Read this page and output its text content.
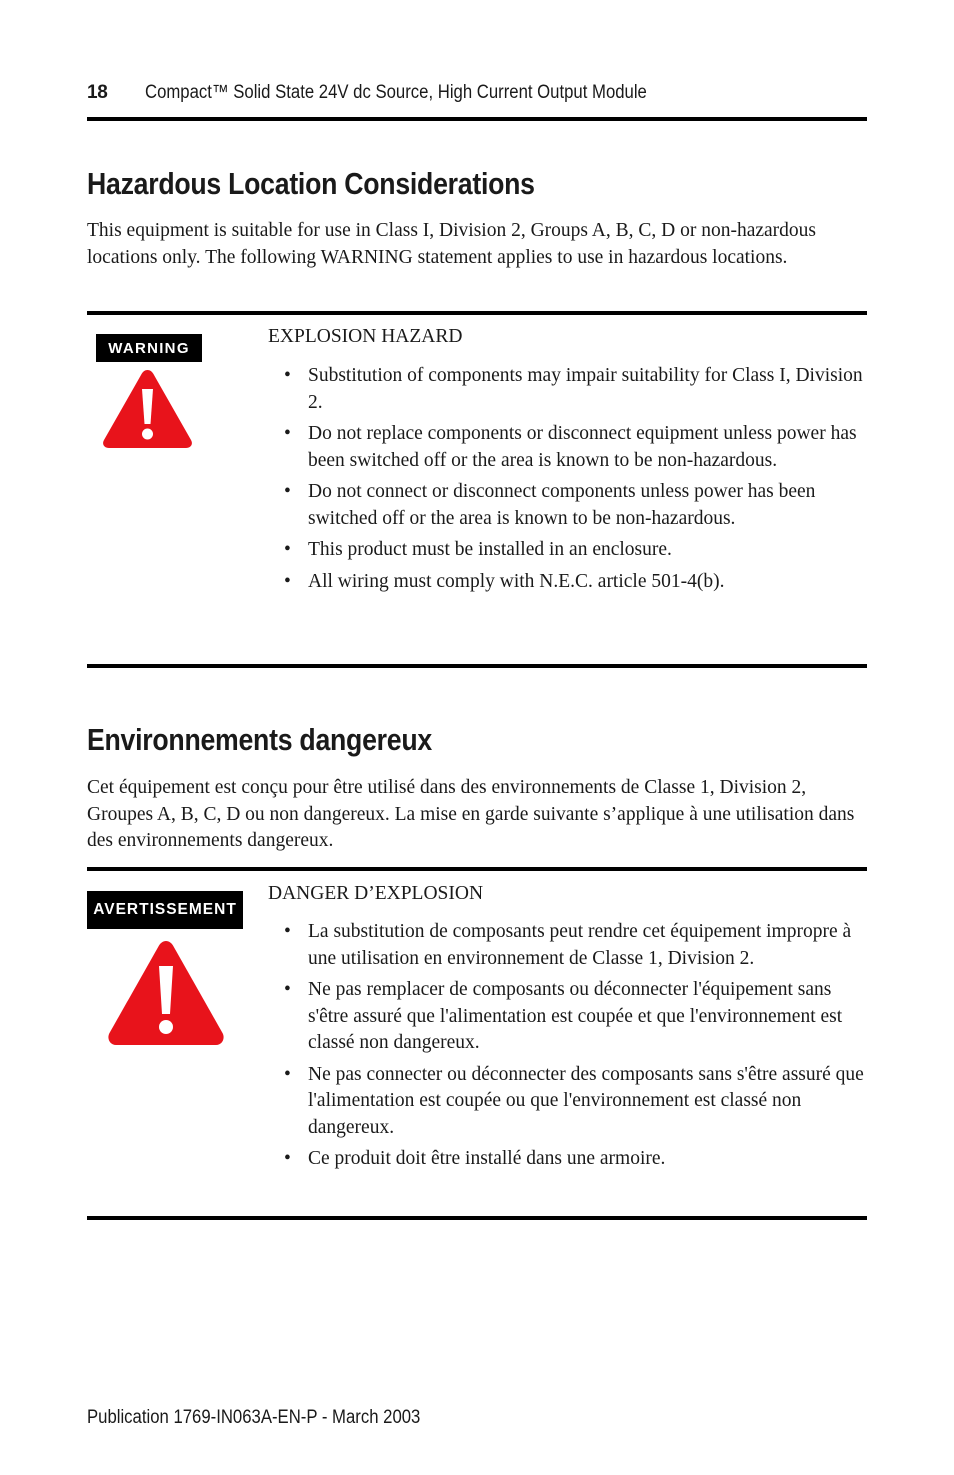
18 Compact™ Solid State 24V dc Source, High Current Output Module
Hazardous Location Considerations

This equipment is suitable for use in Class I, Division 2, Groups A, B, C, D or non-hazardous locations only. The following WARNING statement applies to use in hazardous locations.

WARNING
EXPLOSION HAZARD
• Substitution of components may impair suitability for Class I, Division 2.
• Do not replace components or disconnect equipment unless power has been switched off or the area is known to be non-hazardous.
• Do not connect or disconnect components unless power has been switched off or the area is known to be non-hazardous.
• This product must be installed in an enclosure.
• All wiring must comply with N.E.C. article 501-4(b).
Environnements dangereux

Cet équipement est conçu pour être utilisé dans des environnements de Classe 1, Division 2, Groupes A, B, C, D ou non dangereux. La mise en garde suivante s’applique à une utilisation dans des environnements dangereux.

AVERTISSEMENT
DANGER D’EXPLOSION
• La substitution de composants peut rendre cet équipement impropre à une utilisation en environnement de Classe 1, Division 2.
• Ne pas remplacer de composants ou déconnecter l'équipement sans s'être assuré que l'alimentation est coupée et que l'environnement est classé non dangereux.
• Ne pas connecter ou déconnecter des composants sans s'être assuré que l'alimentation est coupée ou que l'environnement est classé non dangereux.
• Ce produit doit être installé dans une armoire.
Publication 1769-IN063A-EN-P - March 2003
